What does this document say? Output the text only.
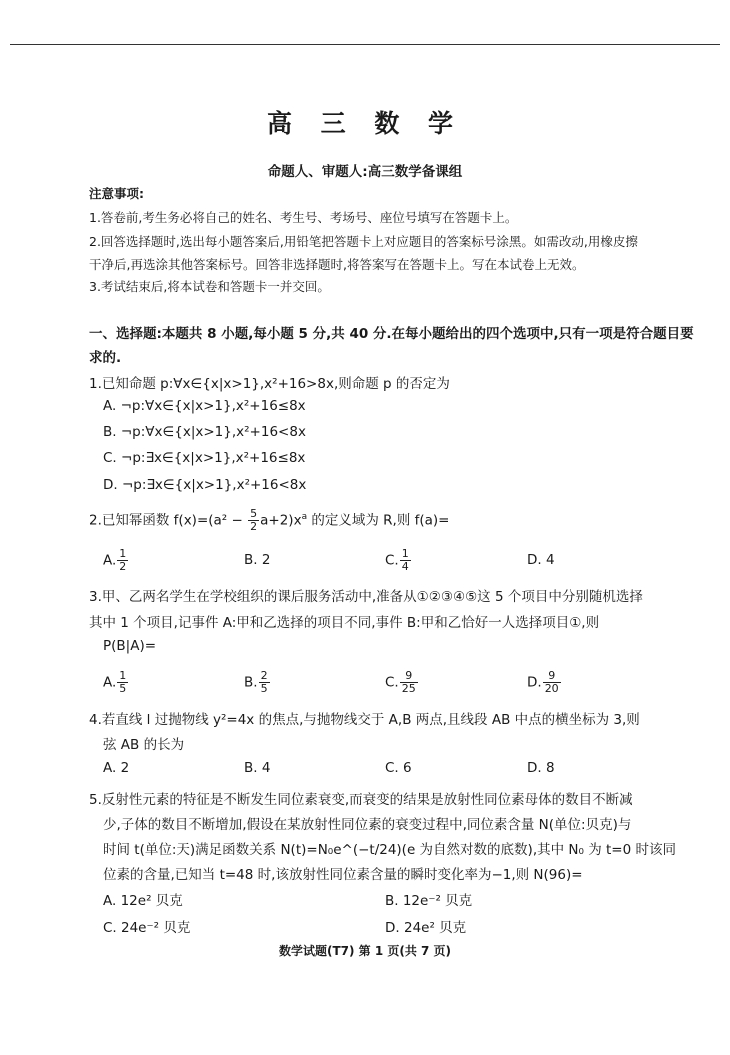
高 三 数 学
命题人、审题人:高三数学备课组
注意事项:
1.答卷前,考生务必将自己的姓名、考生号、考场号、座位号填写在答题卡上。
2.回答选择题时,选出每小题答案后,用铅笔把答题卡上对应题目的答案标号涂黑。如需改动,用橡皮擦
干净后,再选涂其他答案标号。回答非选择题时,将答案写在答题卡上。写在本试卷上无效。
3.考试结束后,将本试卷和答题卡一并交回。
一、选择题:本题共 8 小题,每小题 5 分,共 40 分.在每小题给出的四个选项中,只有一项是符合题目要
求的.
1.已知命题 p:∀x∈{x|x>1},x²+16>8x,则命题 p 的否定为
A. ¬p:∀x∈{x|x>1},x²+16≤8x
B. ¬p:∀x∈{x|x>1},x²+16<8x
C. ¬p:∃x∈{x|x>1},x²+16≤8x
D. ¬p:∃x∈{x|x>1},x²+16<8x
2.已知幂函数 $f(x)=(a^2 - \frac{5}{2} a+2)x^a$ 的定义域为 R,则 f(a)=
A. $\frac{1}{2}$	B. 2	C. $\frac{1}{4}$	D. 4
3.甲、乙两名学生在学校组织的课后服务活动中,准备从①②③④⑤这 5 个项目中分别随机选择
其中 1 个项目,记事件 A:甲和乙选择的项目不同,事件 B:甲和乙恰好一人选择项目①,则
P(B|A)=
A. $\frac{1}{5}$	B. $\frac{2}{5}$	C. $\frac{9}{25}$	D. $\frac{9}{20}$
4.若直线 l 过抛物线 y²=4x 的焦点,与抛物线交于 A,B 两点,且线段 AB 中点的横坐标为 3,则
弦 AB 的长为
A. 2	B. 4	C. 6	D. 8
5.反射性元素的特征是不断发生同位素衰变,而衰变的结果是放射性同位素母体的数目不断减
少,子体的数目不断增加,假设在某放射性同位素的衰变过程中,同位素含量 N(单位:贝克)与
时间 t(单位:天)满足函数关系 N(t)=N₀e^(−t/24)(e 为自然对数的底数),其中 N₀ 为 t=0 时该同
位素的含量,已知当 t=48 时,该放射性同位素含量的瞬时变化率为−1,则 N(96)=
A. 12e² 贝克	B. 12e⁻² 贝克
C. 24e⁻² 贝克	D. 24e² 贝克
数学试题(T7) 第 1 页(共 7 页)
